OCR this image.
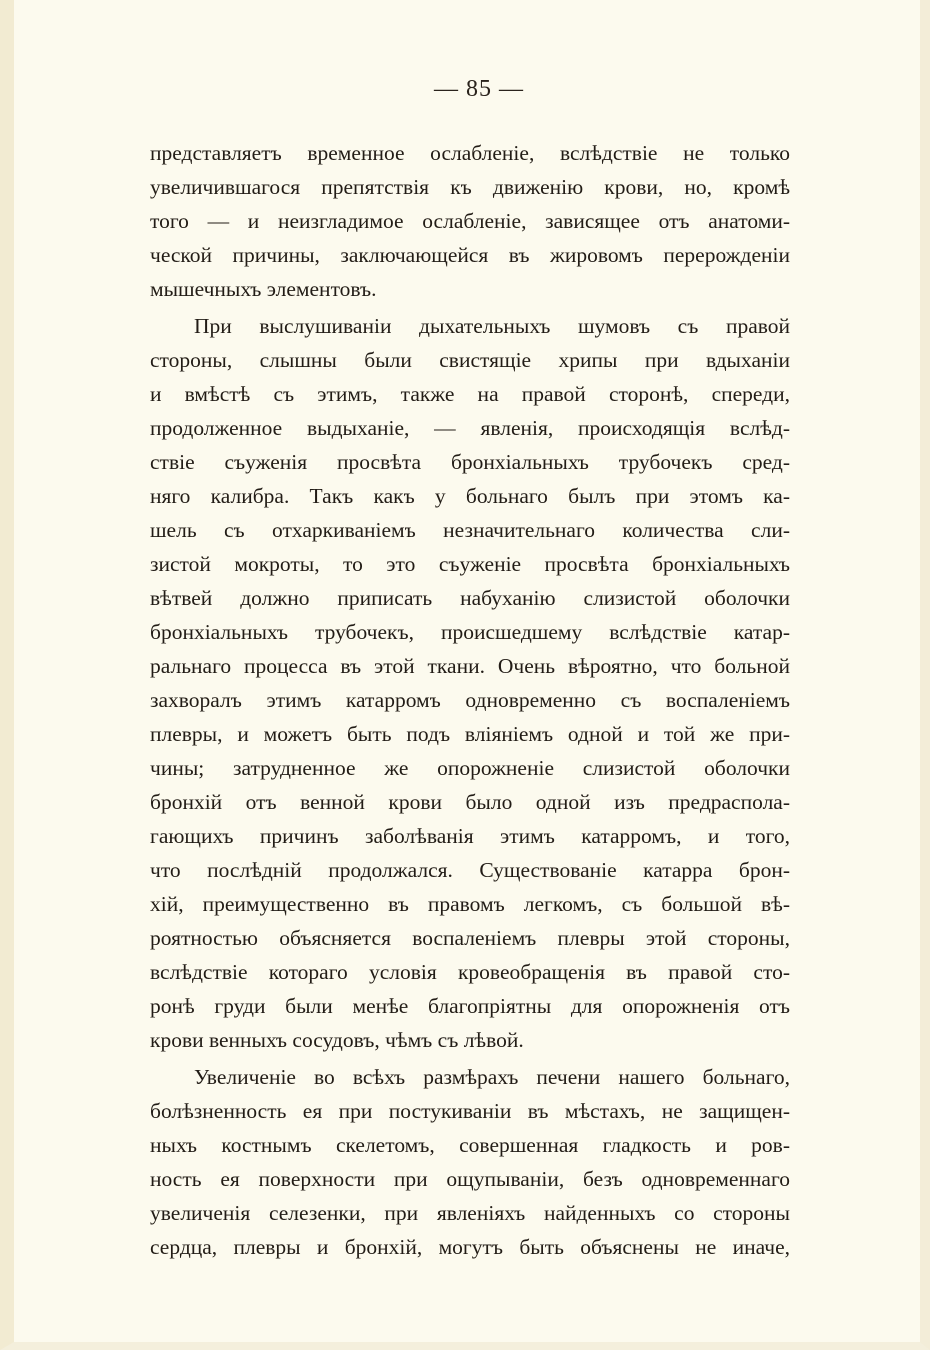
— 85 —
представляетъ временное ослабленіе, вслѣдствіе не только
увеличившагося препятствія къ движенію крови, но, кромѣ
того — и неизгладимое ослабленіе, зависящее отъ анатоми-
ческой причины, заключающейся въ жировомъ перерожденіи
мышечныхъ элементовъ.
При выслушиваніи дыхательныхъ шумовъ съ правой
стороны, слышны были свистящіе хрипы при вдыханіи
и вмѣстѣ съ этимъ, также на правой сторонѣ, спереди,
продолженное выдыханіе, — явленія, происходящія вслѣд-
ствіе съуженія просвѣта бронхіальныхъ трубочекъ сред-
няго калибра. Такъ какъ у больнаго былъ при этомъ ка-
шель съ отхаркиваніемъ незначительнаго количества сли-
зистой мокроты, то это съуженіе просвѣта бронхіальныхъ
вѣтвей должно приписать набуханію слизистой оболочки
бронхіальныхъ трубочекъ, происшедшему вслѣдствіе катар-
ральнаго процесса въ этой ткани. Очень вѣроятно, что больной
захворалъ этимъ катарромъ одновременно съ воспаленіемъ
плевры, и можетъ быть подъ вліяніемъ одной и той же при-
чины; затрудненное же опорожненіе слизистой оболочки
бронхій отъ венной крови было одной изъ предраспола-
гающихъ причинъ заболѣванія этимъ катарромъ, и того,
что послѣдній продолжался. Существованіе катарра брон-
хій, преимущественно въ правомъ легкомъ, съ большой вѣ-
роятностью объясняется воспаленіемъ плевры этой стороны,
вслѣдствіе котораго условія кровеобращенія въ правой сто-
ронѣ груди были менѣе благопріятны для опорожненія отъ
крови венныхъ сосудовъ, чѣмъ съ лѣвой.
Увеличеніе во всѣхъ размѣрахъ печени нашего больнаго,
болѣзненность ея при постукиваніи въ мѣстахъ, не защищен-
ныхъ костнымъ скелетомъ, совершенная гладкость и ров-
ность ея поверхности при ощупываніи, безъ одновременнаго
увеличенія селезенки, при явленіяхъ найденныхъ со стороны
сердца, плевры и бронхій, могутъ быть объяснены не иначе,
